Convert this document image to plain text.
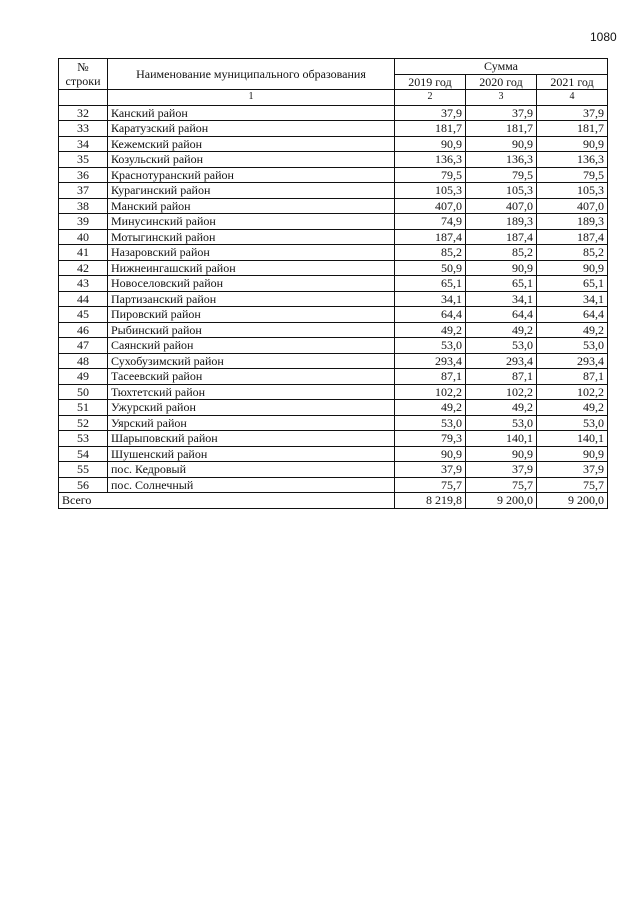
1080
№
строки	Наименование муниципального образования	Сумма		
		2019 год	2020 год	2021 год
	1	2	3	4
32	Канский район	37,9	37,9	37,9
33	Каратузский район	181,7	181,7	181,7
34	Кежемский район	90,9	90,9	90,9
35	Козульский район	136,3	136,3	136,3
36	Краснотуранский район	79,5	79,5	79,5
37	Курагинский район	105,3	105,3	105,3
38	Манский район	407,0	407,0	407,0
39	Минусинский район	74,9	189,3	189,3
40	Мотыгинский район	187,4	187,4	187,4
41	Назаровский район	85,2	85,2	85,2
42	Нижнеингашский район	50,9	90,9	90,9
43	Новоселовский район	65,1	65,1	65,1
44	Партизанский район	34,1	34,1	34,1
45	Пировский район	64,4	64,4	64,4
46	Рыбинский район	49,2	49,2	49,2
47	Саянский район	53,0	53,0	53,0
48	Сухобузимский район	293,4	293,4	293,4
49	Тасеевский район	87,1	87,1	87,1
50	Тюхтетский район	102,2	102,2	102,2
51	Ужурский район	49,2	49,2	49,2
52	Уярский район	53,0	53,0	53,0
53	Шарыповский район	79,3	140,1	140,1
54	Шушенский район	90,9	90,9	90,9
55	пос. Кедровый	37,9	37,9	37,9
56	пос. Солнечный	75,7	75,7	75,7
Всего		8 219,8	9 200,0	9 200,0
